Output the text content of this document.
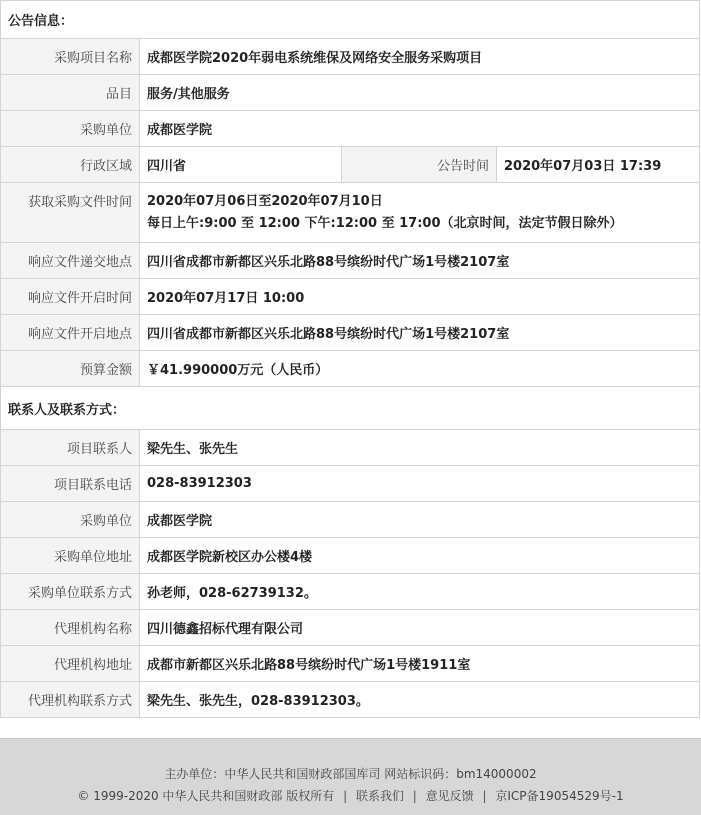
公告信息：			
采购项目名称	成都医学院2020年弱电系统维保及网络安全服务采购项目		
品目	服务/其他服务		
采购单位	成都医学院		
行政区域	四川省	公告时间	2020年07月03日 17:39
获取采购文件时间	2020年07月06日至2020年07月10日
每日上午:9:00 至 12:00 下午:12:00 至 17:00（北京时间，法定节假日除外）		

响应文件递交地点	四川省成都市新都区兴乐北路88号缤纷时代广场1号楼2107室		
响应文件开启时间	2020年07月17日 10:00		
响应文件开启地点	四川省成都市新都区兴乐北路88号缤纷时代广场1号楼2107室		
预算金额	￥41.990000万元（人民币）		
联系人及联系方式：			
项目联系人	梁先生、张先生		
项目联系电话	028-83912303		
采购单位	成都医学院		
采购单位地址	成都医学院新校区办公楼4楼		
采购单位联系方式	孙老师，028-62739132。		
代理机构名称	四川德鑫招标代理有限公司		
代理机构地址	成都市新都区兴乐北路88号缤纷时代广场1号楼1911室		
代理机构联系方式	梁先生、张先生，028-83912303。		
主办单位：中华人民共和国财政部国库司 网站标识码：bm14000002
© 1999-2020 中华人民共和国财政部 版权所有 | 联系我们 | 意见反馈 | 京ICP备19054529号-1
